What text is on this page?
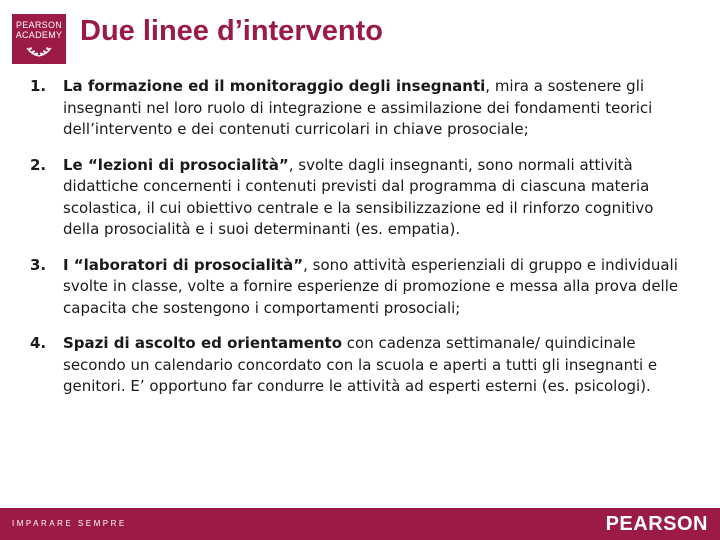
PEARSON
ACADEMY Due linee d’intervento
1.	La formazione ed il monitoraggio degli insegnanti, mira a sostenere gli insegnanti nel loro ruolo di integrazione e assimilazione dei fondamenti teorici dell’intervento e dei contenuti curricolari in chiave prosociale;
2.	Le “lezioni di prosocialità”, svolte dagli insegnanti, sono normali attività didattiche concernenti i contenuti previsti dal programma di ciascuna materia scolastica, il cui obiettivo centrale e la sensibilizzazione ed il rinforzo cognitivo della prosocialità e i suoi determinanti (es. empatia).
3.	I “laboratori di prosocialità”, sono attività esperienziali di gruppo e individuali svolte in classe, volte a fornire esperienze di promozione e messa alla prova delle capacita che sostengono i comportamenti prosociali;
4.	Spazi di ascolto ed orientamento con cadenza settimanale/ quindicinale secondo un calendario concordato con la scuola e aperti a tutti gli insegnanti e genitori. E’ opportuno far condurre le attività ad esperti esterni (es. psicologi).
IMPARARE SEMPRE	PEARSON
